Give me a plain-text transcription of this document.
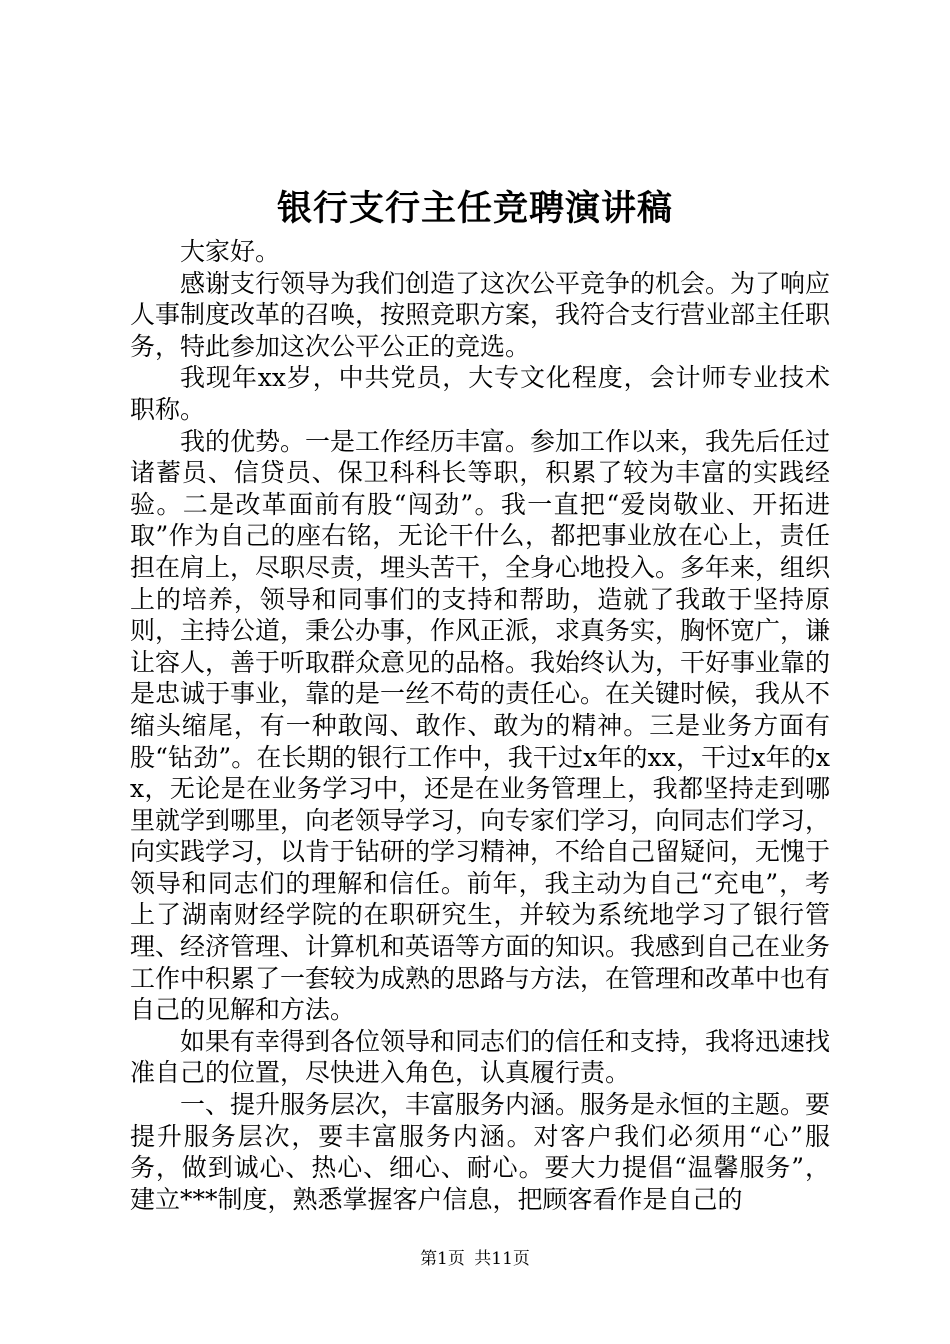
银行支行主任竞聘演讲稿

大家好。

感谢支行领导为我们创造了这次公平竞争的机会。为了响应人事制度改革的召唤，按照竞职方案，我符合支行营业部主任职务，特此参加这次公平公正的竞选。

我现年xx岁，中共党员，大专文化程度，会计师专业技术职称。

我的优势。一是工作经历丰富。参加工作以来，我先后任过诸蓄员、信贷员、保卫科科长等职，积累了较为丰富的实践经验。二是改革面前有股“闯劲”。我一直把“爱岗敬业、开拓进取”作为自己的座右铭，无论干什么，都把事业放在心上，责任担在肩上，尽职尽责，埋头苦干，全身心地投入。多年来，组织上的培养，领导和同事们的支持和帮助，造就了我敢于坚持原则，主持公道，秉公办事，作风正派，求真务实，胸怀宽广，谦让容人，善于听取群众意见的品格。我始终认为，干好事业靠的是忠诚于事业，靠的是一丝不苟的责任心。在关键时候，我从不缩头缩尾，有一种敢闯、敢作、敢为的精神。三是业务方面有股“钻劲”。在长期的银行工作中，我干过x年的xx，干过x年的xx，无论是在业务学习中，还是在业务管理上，我都坚持走到哪里就学到哪里，向老领导学习，向专家们学习，向同志们学习，向实践学习，以肯于钻研的学习精神，不给自己留疑问，无愧于领导和同志们的理解和信任。前年，我主动为自己“充电”，考上了湖南财经学院的在职研究生，并较为系统地学习了银行管理、经济管理、计算机和英语等方面的知识。我感到自己在业务工作中积累了一套较为成熟的思路与方法，在管理和改革中也有自己的见解和方法。

如果有幸得到各位领导和同志们的信任和支持，我将迅速找准自己的位置，尽快进入角色，认真履行责。

一、提升服务层次，丰富服务内涵。服务是永恒的主题。要提升服务层次，要丰富服务内涵。对客户我们必须用“心”服务，做到诚心、热心、细心、耐心。要大力提倡“温馨服务”，建立***制度，熟悉掌握客户信息，把顾客看作是自己的

第1页 共11页
